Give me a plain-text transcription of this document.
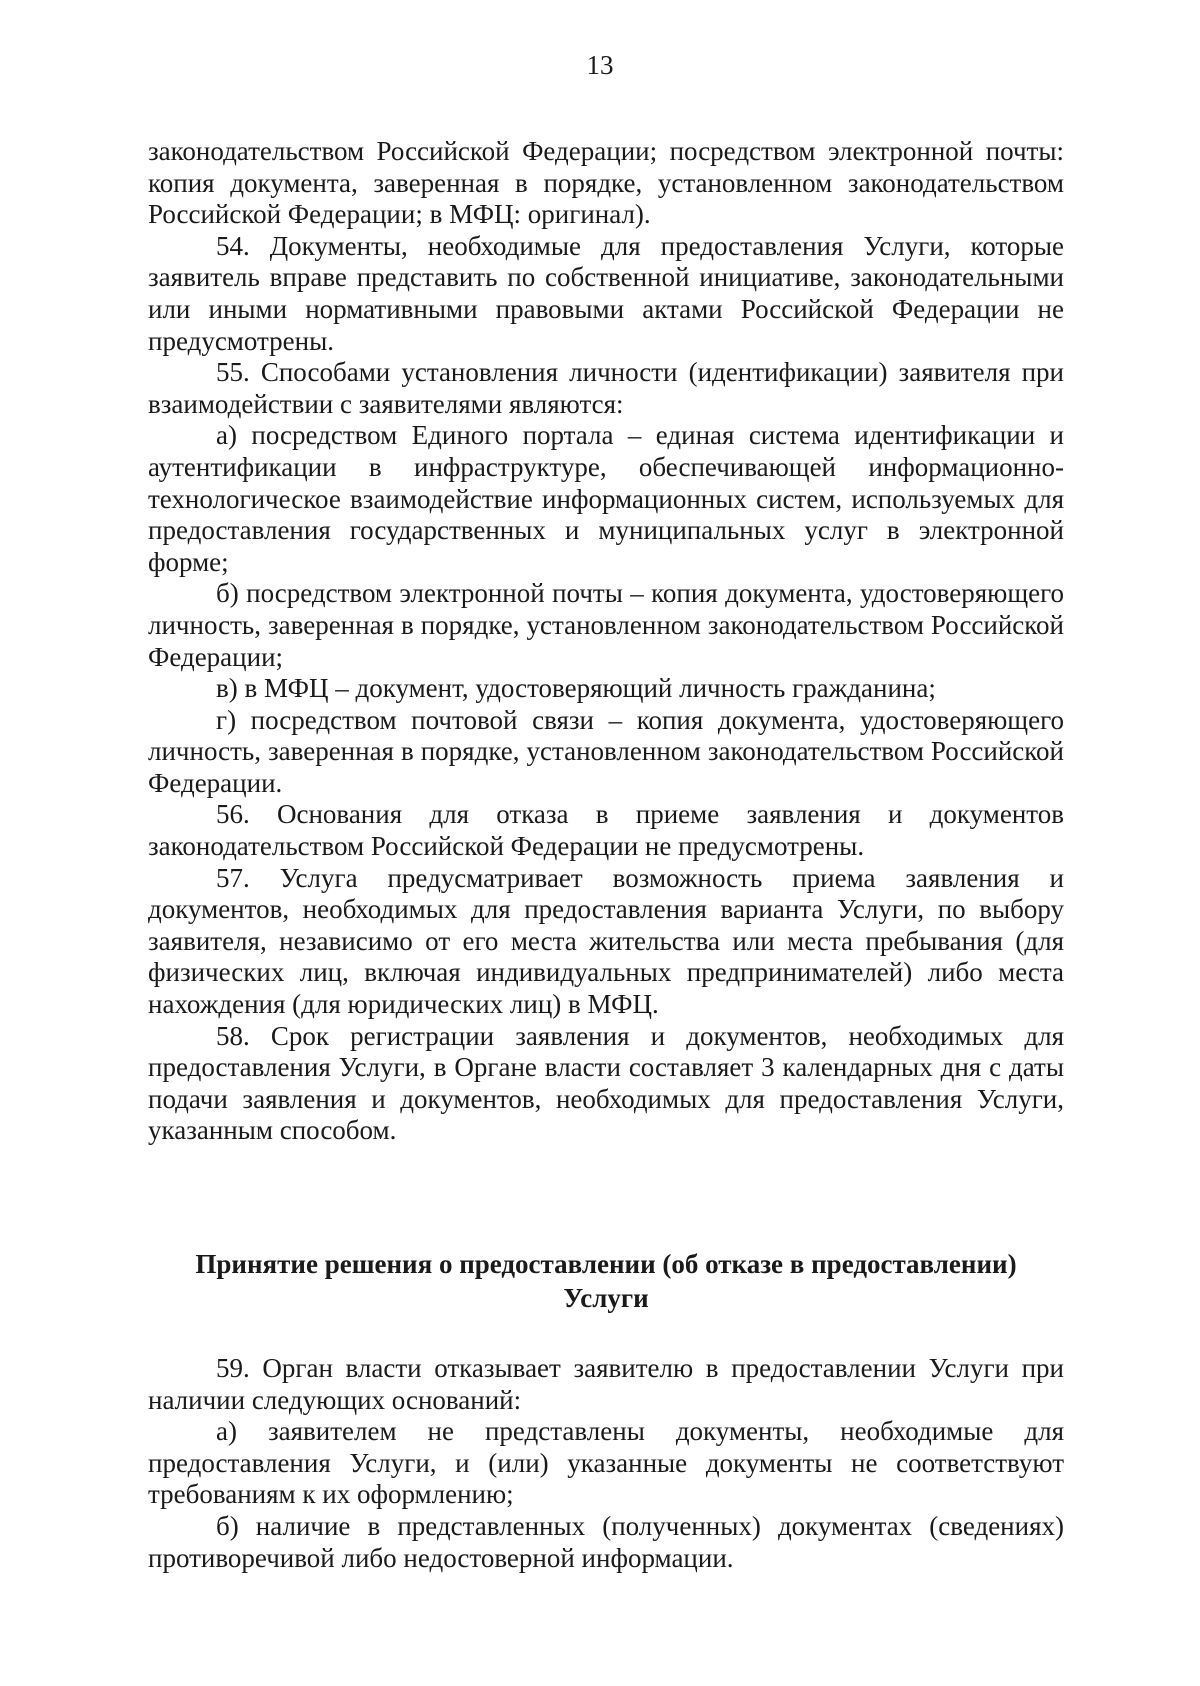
13

законодательством Российской Федерации; посредством электронной почты: копия документа, заверенная в порядке, установленном законодательством Российской Федерации; в МФЦ: оригинал).

54. Документы, необходимые для предоставления Услуги, которые заявитель вправе представить по собственной инициативе, законодательными или иными нормативными правовыми актами Российской Федерации не предусмотрены.

55. Способами установления личности (идентификации) заявителя при взаимодействии с заявителями являются:

а) посредством Единого портала – единая система идентификации и аутентификации в инфраструктуре, обеспечивающей информационно-технологическое взаимодействие информационных систем, используемых для предоставления государственных и муниципальных услуг в электронной форме;

б) посредством электронной почты – копия документа, удостоверяющего личность, заверенная в порядке, установленном законодательством Российской Федерации;

в) в МФЦ – документ, удостоверяющий личность гражданина;

г) посредством почтовой связи – копия документа, удостоверяющего личность, заверенная в порядке, установленном законодательством Российской Федерации.

56. Основания для отказа в приеме заявления и документов законодательством Российской Федерации не предусмотрены.

57. Услуга предусматривает возможность приема заявления и документов, необходимых для предоставления варианта Услуги, по выбору заявителя, независимо от его места жительства или места пребывания (для физических лиц, включая индивидуальных предпринимателей) либо места нахождения (для юридических лиц) в МФЦ.

58. Срок регистрации заявления и документов, необходимых для предоставления Услуги, в Органе власти составляет 3 календарных дня с даты подачи заявления и документов, необходимых для предоставления Услуги, указанным способом.

Принятие решения о предоставлении (об отказе в предоставлении)
Услуги

59. Орган власти отказывает заявителю в предоставлении Услуги при наличии следующих оснований:

а) заявителем не представлены документы, необходимые для предоставления Услуги, и (или) указанные документы не соответствуют требованиям к их оформлению;

б) наличие в представленных (полученных) документах (сведениях) противоречивой либо недостоверной информации.
